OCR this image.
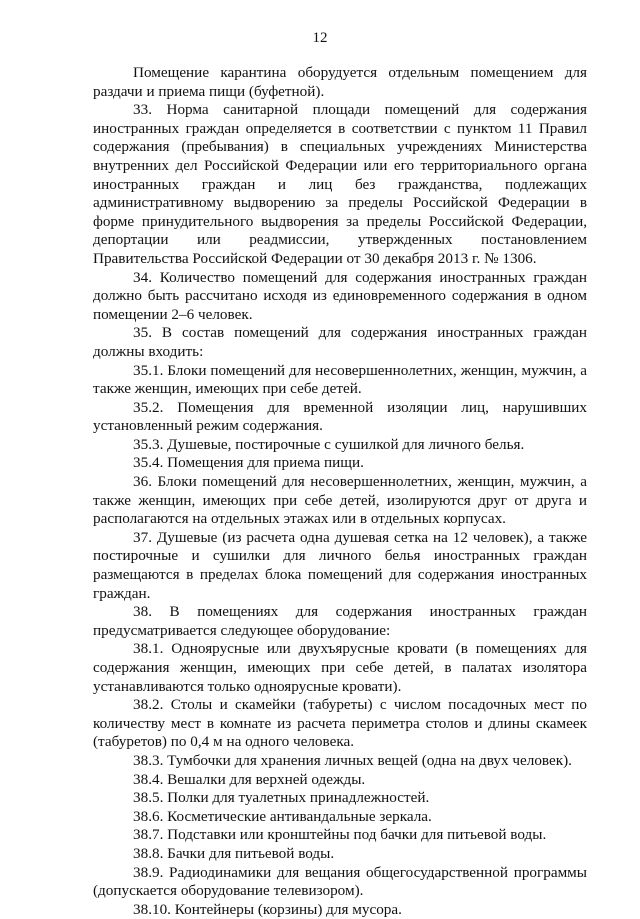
12

Помещение карантина оборудуется отдельным помещением для раздачи и приема пищи (буфетной).

33. Норма санитарной площади помещений для содержания иностранных граждан определяется в соответствии с пунктом 11 Правил содержания (пребывания) в специальных учреждениях Министерства внутренних дел Российской Федерации или его территориального органа иностранных граждан и лиц без гражданства, подлежащих административному выдворению за пределы Российской Федерации в форме принудительного выдворения за пределы Российской Федерации, депортации или реадмиссии, утвержденных постановлением Правительства Российской Федерации от 30 декабря 2013 г. № 1306.

34. Количество помещений для содержания иностранных граждан должно быть рассчитано исходя из единовременного содержания в одном помещении 2–6 человек.

35. В состав помещений для содержания иностранных граждан должны входить:

35.1. Блоки помещений для несовершеннолетних, женщин, мужчин, а также женщин, имеющих при себе детей.

35.2. Помещения для временной изоляции лиц, нарушивших установленный режим содержания.

35.3. Душевые, постирочные с сушилкой для личного белья.

35.4. Помещения для приема пищи.

36. Блоки помещений для несовершеннолетних, женщин, мужчин, а также женщин, имеющих при себе детей, изолируются друг от друга и располагаются на отдельных этажах или в отдельных корпусах.

37. Душевые (из расчета одна душевая сетка на 12 человек), а также постирочные и сушилки для личного белья иностранных граждан размещаются в пределах блока помещений для содержания иностранных граждан.

38. В помещениях для содержания иностранных граждан предусматривается следующее оборудование:

38.1. Одноярусные или двухъярусные кровати (в помещениях для содержания женщин, имеющих при себе детей, в палатах изолятора устанавливаются только одноярусные кровати).

38.2. Столы и скамейки (табуреты) с числом посадочных мест по количеству мест в комнате из расчета периметра столов и длины скамеек (табуретов) по 0,4 м на одного человека.

38.3. Тумбочки для хранения личных вещей (одна на двух человек).

38.4. Вешалки для верхней одежды.

38.5. Полки для туалетных принадлежностей.

38.6. Косметические антивандальные зеркала.

38.7. Подставки или кронштейны под бачки для питьевой воды.

38.8. Бачки для питьевой воды.

38.9. Радиодинамики для вещания общегосударственной программы (допускается оборудование телевизором).

38.10. Контейнеры (корзины) для мусора.
